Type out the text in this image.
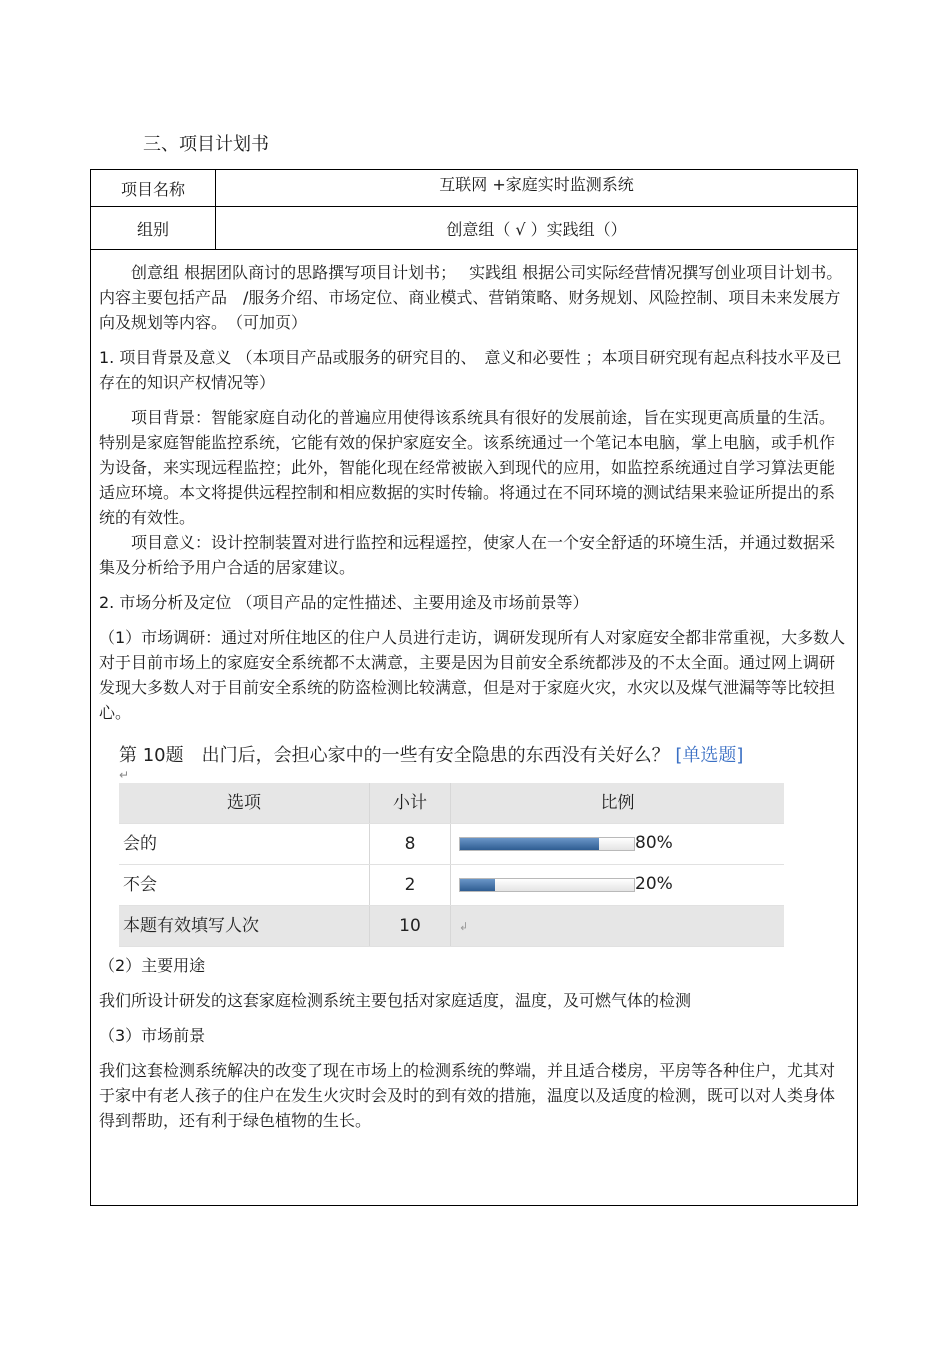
三、项目计划书
项目名称	互联网 +家庭实时监测系统
组别	创意组（ √ ）实践组（）

创意组 根据团队商讨的思路撰写项目计划书；　 实践组 根据公司实际经营情况撰写创业项目计划书。内容主要包括产品　/服务介绍、市场定位、商业模式、营销策略、财务规划、风险控制、项目未来发展方向及规划等内容。　（可加页）

1. 项目背景及意义 （本项目产品或服务的研究目的、　意义和必要性 ；本项目研究现有起点科技水平及已存在的知识产权情况等）

项目背景：智能家庭自动化的普遍应用使得该系统具有很好的发展前途，旨在实现更高质量的生活。特别是家庭智能监控系统，它能有效的保护家庭安全。该系统通过一个笔记本电脑，掌上电脑，或手机作为设备，来实现远程监控；此外，智能化现在经常被嵌入到现代的应用，如监控系统通过自学习算法更能适应环境。本文将提供远程控制和相应数据的实时传输。将通过在不同环境的测试结果来验证所提出的系统的有效性。

项目意义：设计控制装置对进行监控和远程遥控，使家人在一个安全舒适的环境生活，并通过数据采集及分析给予用户合适的居家建议。

2. 市场分析及定位 （项目产品的定性描述、主要用途及市场前景等）

（1）市场调研：通过对所住地区的住户人员进行走访，调研发现所有人对家庭安全都非常重视，大多数人对于目前市场上的家庭安全系统都不太满意，主要是因为目前安全系统都涉及的不太全面。通过网上调研发现大多数人对于目前安全系统的防盗检测比较满意，但是对于家庭火灾，水灾以及煤气泄漏等等比较担心。

第 10题　出门后，会担心家中的一些有安全隐患的东西没有关好么？ [单选题]
↵
选项	小计	比例
会的	8	80%
不会	2	20%
本题有效填写人次	10	↲

（2）主要用途

我们所设计研发的这套家庭检测系统主要包括对家庭适度，温度，及可燃气体的检测

（3）市场前景

我们这套检测系统解决的改变了现在市场上的检测系统的弊端，并且适合楼房，平房等各种住户，尤其对于家中有老人孩子的住户在发生火灾时会及时的到有效的措施，温度以及适度的检测，既可以对人类身体得到帮助，还有利于绿色植物的生长。
